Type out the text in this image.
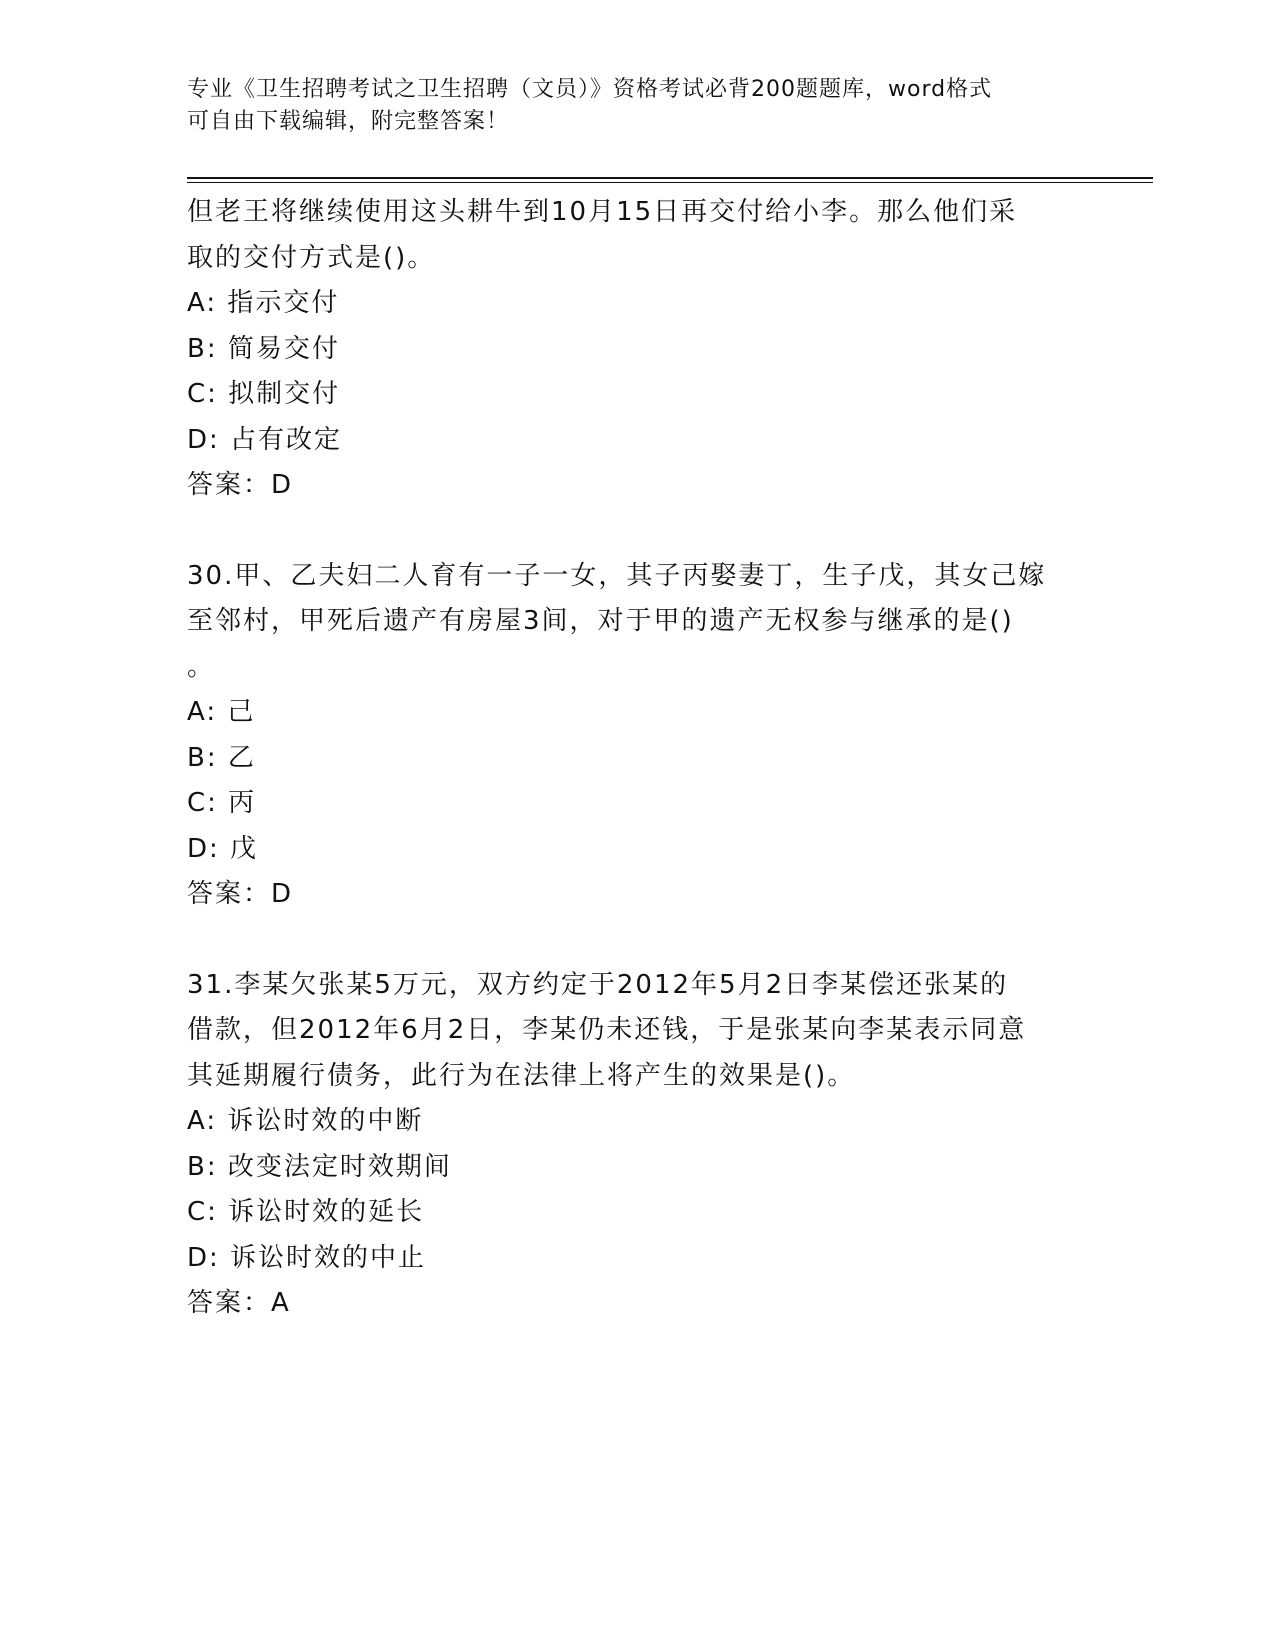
专业《卫生招聘考试之卫生招聘（文员）》资格考试必背200题题库，word格式
可自由下载编辑，附完整答案！
但老王将继续使用这头耕牛到10月15日再交付给小李。那么他们采
取的交付方式是()。
A: 指示交付
B: 简易交付
C: 拟制交付
D: 占有改定
答案：D
30.甲、乙夫妇二人育有一子一女，其子丙娶妻丁，生子戊，其女己嫁
至邻村，甲死后遗产有房屋3间，对于甲的遗产无权参与继承的是()
。
A: 己
B: 乙
C: 丙
D: 戊
答案：D
31.李某欠张某5万元，双方约定于2012年5月2日李某偿还张某的
借款，但2012年6月2日，李某仍未还钱，于是张某向李某表示同意
其延期履行债务，此行为在法律上将产生的效果是()。
A: 诉讼时效的中断
B: 改变法定时效期间
C: 诉讼时效的延长
D: 诉讼时效的中止
答案：A
